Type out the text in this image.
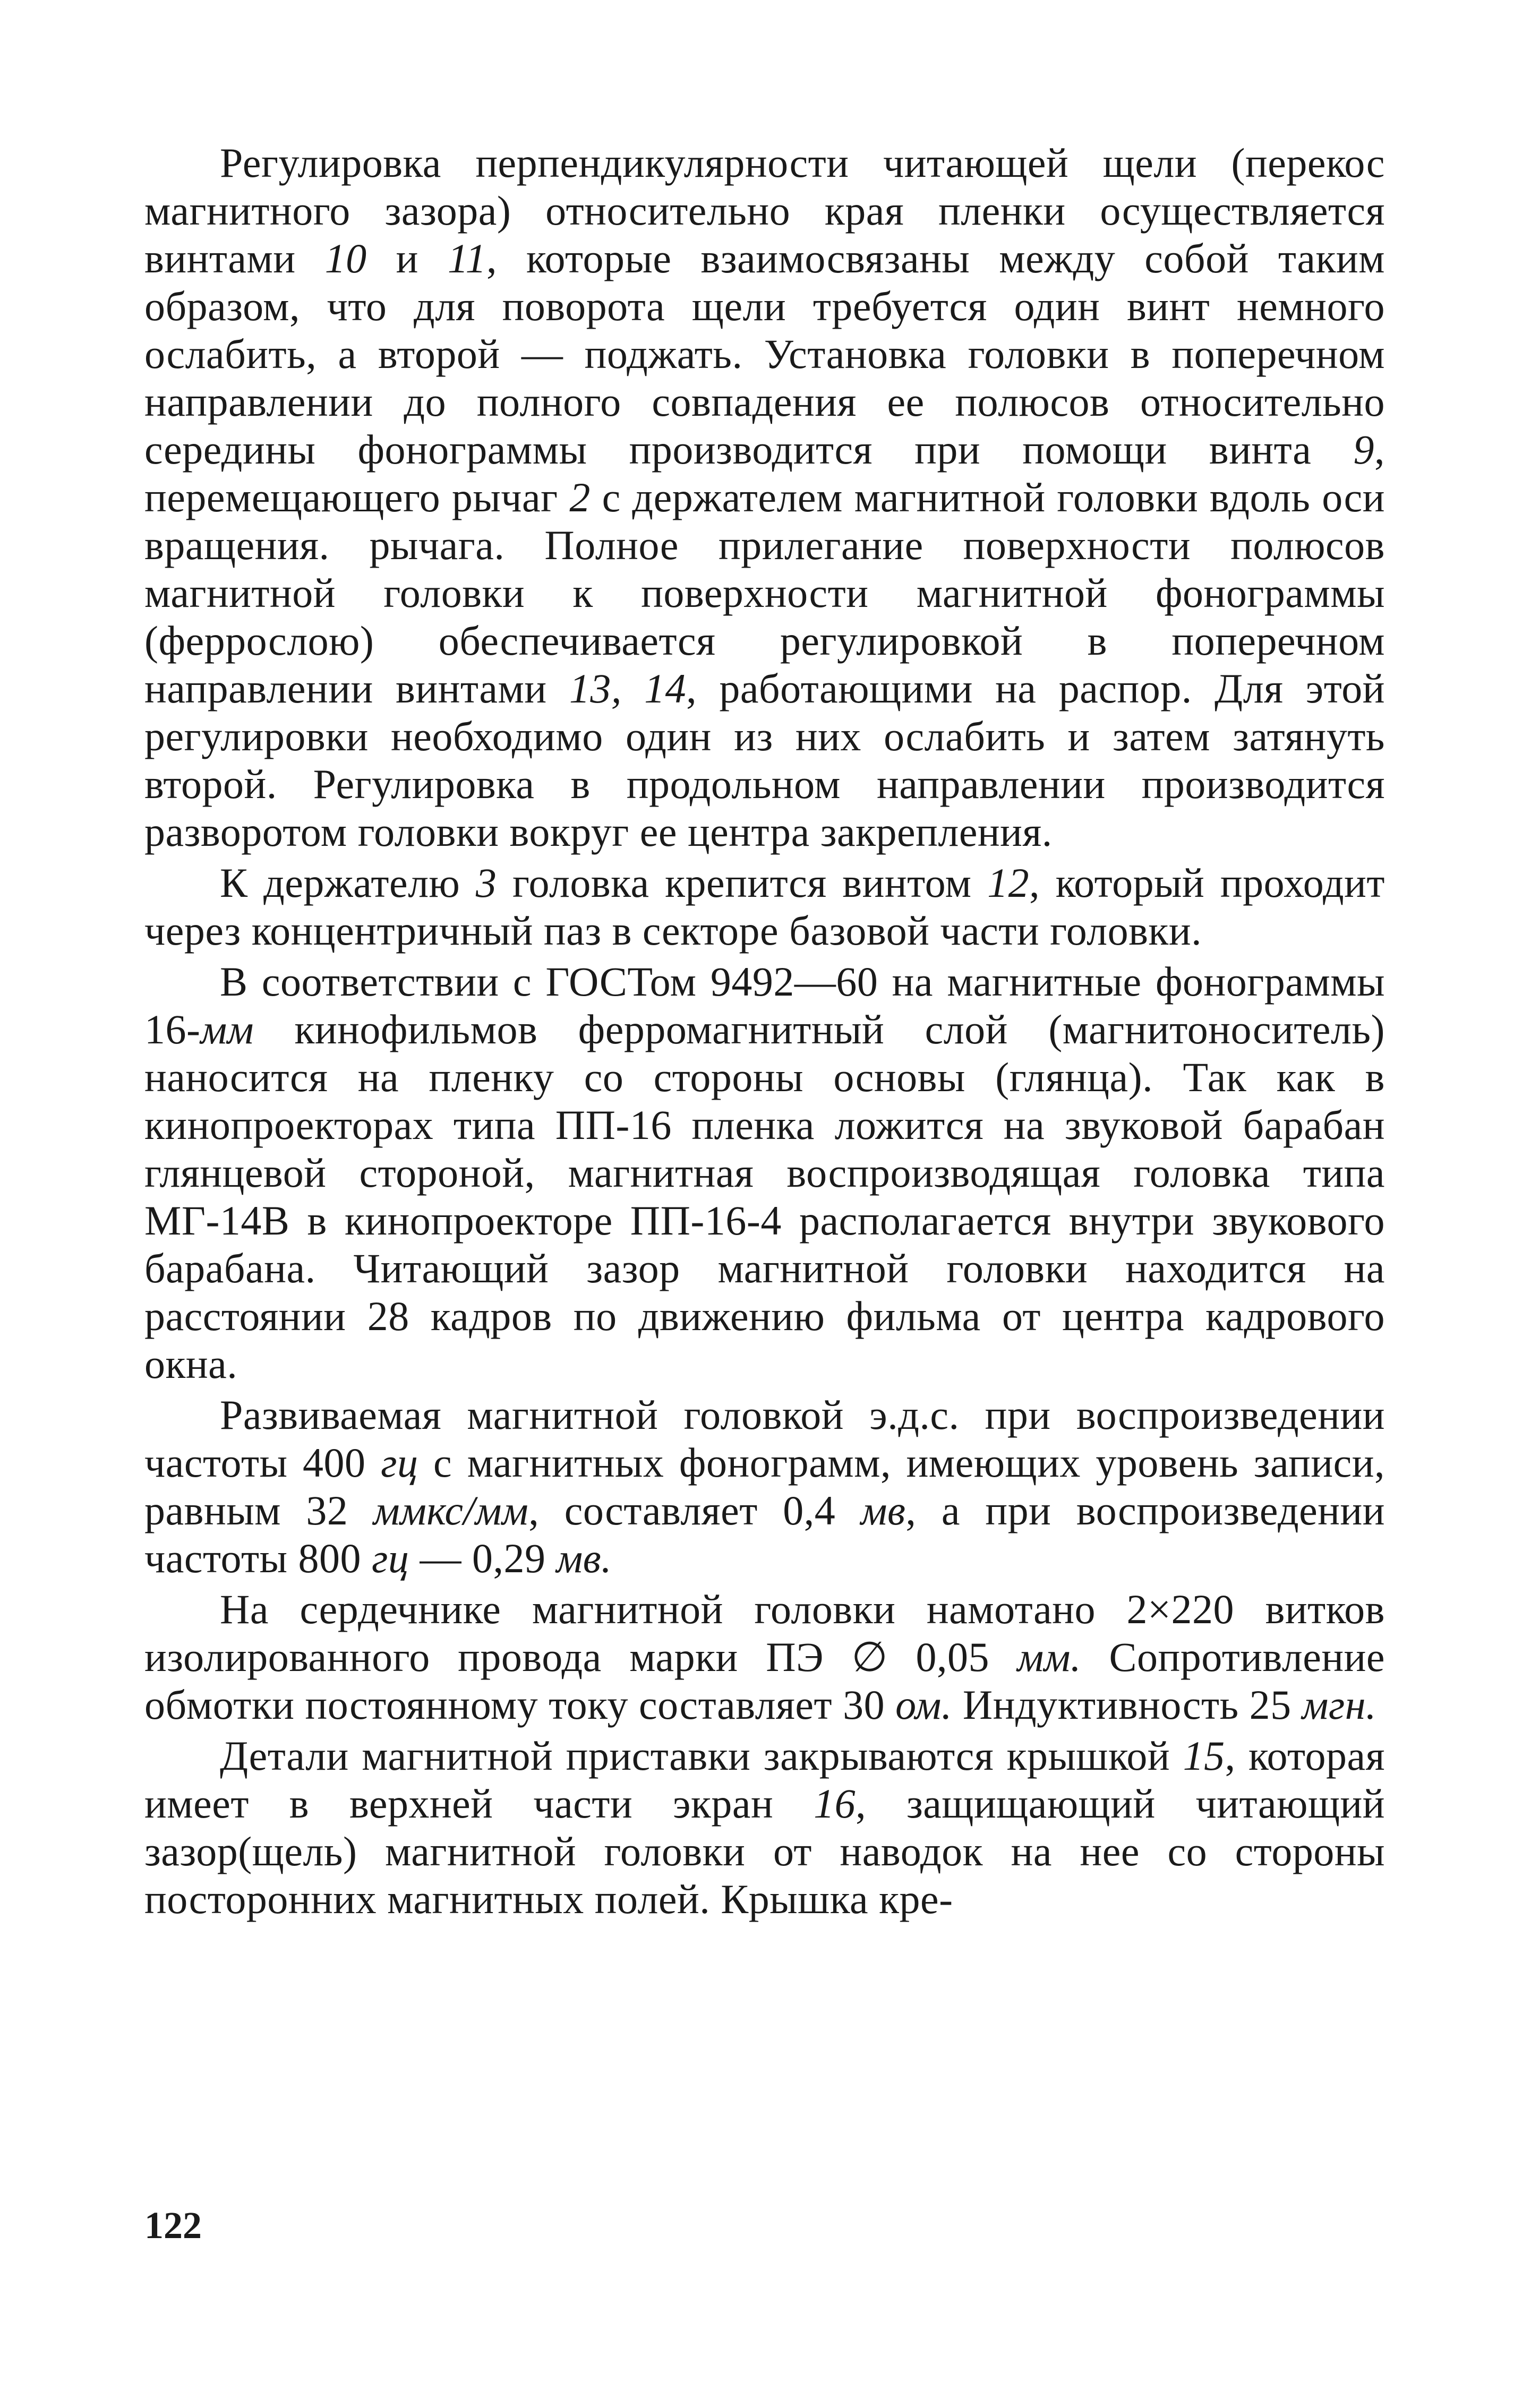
Регулировка перпендикулярности читающей щели (перекос магнитного зазора) относительно края пленки осуществляется винтами 10 и 11, которые взаимосвязаны между собой таким образом, что для поворота щели требуется один винт немного ослабить, а второй — поджать. Установка головки в поперечном направлении до полного совпадения ее полюсов относительно середины фонограммы производится при помощи винта 9, перемещающего рычаг 2 с держателем магнитной головки вдоль оси вращения. рычага. Полное прилегание поверхности полюсов магнитной головки к поверхности магнитной фонограммы (феррослою) обеспечивается регулировкой в поперечном направлении винтами 13, 14, работающими на распор. Для этой регулировки необходимо один из них ослабить и затем затянуть второй. Регулировка в продольном направлении производится разворотом головки вокруг ее центра закрепления.

К держателю 3 головка крепится винтом 12, который проходит через концентричный паз в секторе базовой части головки.

В соответствии с ГОСТом 9492—60 на магнитные фонограммы 16-мм кинофильмов ферромагнитный слой (магнитоноситель) наносится на пленку со стороны основы (глянца). Так как в кинопроекторах типа ПП-16 пленка ложится на звуковой барабан глянцевой стороной, магнитная воспроизводящая головка типа МГ-14В в кинопроекторе ПП-16-4 располагается внутри звукового барабана. Читающий зазор магнитной головки находится на расстоянии 28 кадров по движению фильма от центра кадрового окна.

Развиваемая магнитной головкой э.д.с. при воспроизведении частоты 400 гц с магнитных фонограмм, имеющих уровень записи, равным 32 ммкс/мм, составляет 0,4 мв, а при воспроизведении частоты 800 гц — 0,29 мв.

На сердечнике магнитной головки намотано 2×220 витков изолированного провода марки ПЭ ∅ 0,05 мм. Сопротивление обмотки постоянному току составляет 30 ом. Индуктивность 25 мгн.

Детали магнитной приставки закрываются крышкой 15, которая имеет в верхней части экран 16, защищающий читающий зазор(щель) магнитной головки от наводок на нее со стороны посторонних магнитных полей. Крышка кре-

122
